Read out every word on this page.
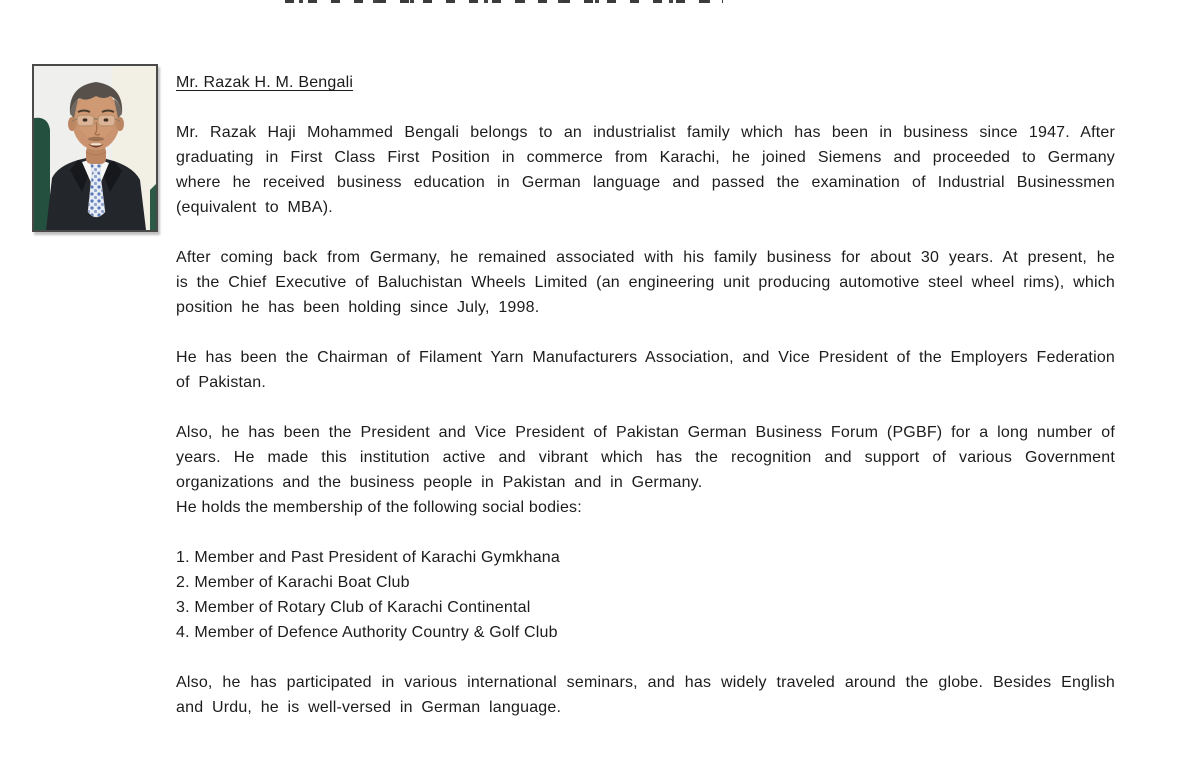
Mr. Razak H. M. Bengali

Mr. Razak Haji Mohammed Bengali belongs to an industrialist family which has been in business since 1947. After graduating in First Class First Position in commerce from Karachi, he joined Siemens and proceeded to Germany where he received business education in German language and passed the examination of Industrial Businessmen (equivalent to MBA).

After coming back from Germany, he remained associated with his family business for about 30 years. At present, he is the Chief Executive of Baluchistan Wheels Limited (an engineering unit producing automotive steel wheel rims), which position he has been holding since July, 1998.

He has been the Chairman of Filament Yarn Manufacturers Association, and Vice President of the Employers Federation of Pakistan.

Also, he has been the President and Vice President of Pakistan German Business Forum (PGBF) for a long number of years. He made this institution active and vibrant which has the recognition and support of various Government organizations and the business people in Pakistan and in Germany.

He holds the membership of the following social bodies:

1. Member and Past President of Karachi Gymkhana
2. Member of Karachi Boat Club
3. Member of Rotary Club of Karachi Continental
4. Member of Defence Authority Country & Golf Club

Also, he has participated in various international seminars, and has widely traveled around the globe. Besides English and Urdu, he is well-versed in German language.
